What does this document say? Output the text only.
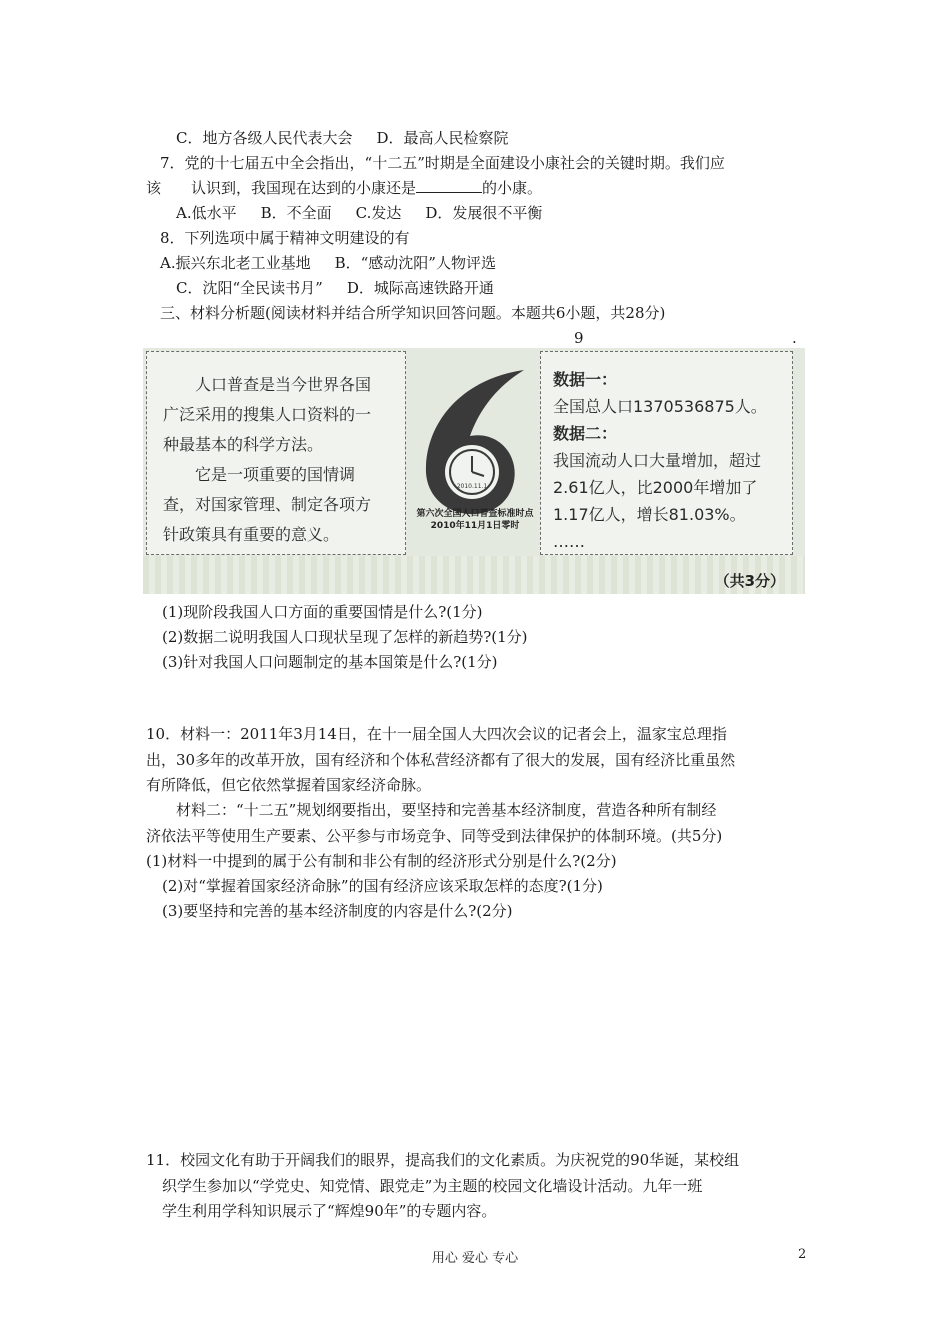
C．地方各级人民代表大会 D．最高人民检察院
7．党的十七届五中全会指出，“十二五”时期是全面建设小康社会的关键时期。我们应
该　　认识到，我国现在达到的小康还是	的小康。
A.低水平 B．不全面 C.发达 D．发展很不平衡
8．下列选项中属于精神文明建设的有
A.振兴东北老工业基地 B．“感动沈阳”人物评选
C．沈阳“全民读书月” D．城际高速铁路开通
三、材料分析题(阅读材料并结合所学知识回答问题。本题共6小题，共28分)
9	.
　　人口普查是当今世界各国
广泛采用的搜集人口资料的一
种最基本的科学方法。
　　它是一项重要的国情调
查，对国家管理、制定各项方
针政策具有重要的意义。
2010.11.1
第六次全国人口普查标准时点
2010年11月1日零时
数据一：
全国总人口1370536875人。
数据二：
我国流动人口大量增加，超过
2.61亿人，比2000年增加了
1.17亿人，增长81.03%。
……
（共3分）
(1)现阶段我国人口方面的重要国情是什么?(1分)
(2)数据二说明我国人口现状呈现了怎样的新趋势?(1分)
(3)针对我国人口问题制定的基本国策是什么?(1分)
10．材料一：2011年3月14日，在十一届全国人大四次会议的记者会上，温家宝总理指
出，30多年的改革开放，国有经济和个体私营经济都有了很大的发展，国有经济比重虽然
有所降低，但它依然掌握着国家经济命脉。
　　材料二：“十二五”规划纲要指出，要坚持和完善基本经济制度，营造各种所有制经
济依法平等使用生产要素、公平参与市场竞争、同等受到法律保护的体制环境。(共5分)
(1)材料一中提到的属于公有制和非公有制的经济形式分别是什么?(2分)
(2)对“掌握着国家经济命脉”的国有经济应该采取怎样的态度?(1分)
(3)要坚持和完善的基本经济制度的内容是什么?(2分)
11．校园文化有助于开阔我们的眼界，提高我们的文化素质。为庆祝党的90华诞，某校组
织学生参加以“学党史、知党情、跟党走”为主题的校园文化墙设计活动。九年一班
学生利用学科知识展示了“辉煌90年”的专题内容。
用心 爱心 专心	2
